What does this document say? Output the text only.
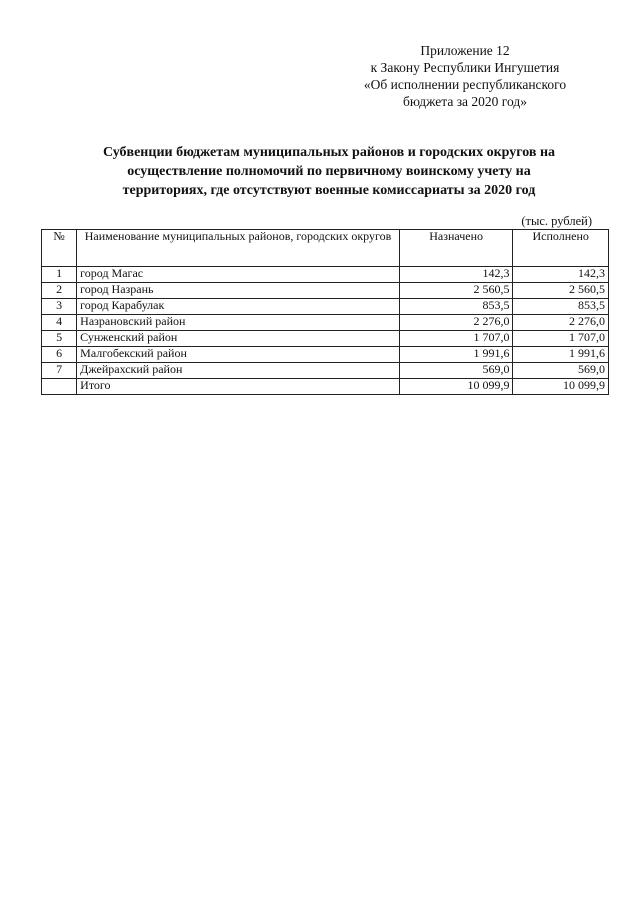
Приложение 12
к Закону Республики Ингушетия
«Об исполнении республиканского
бюджета за 2020 год»
Субвенции бюджетам муниципальных районов и городских округов на
осуществление полномочий по первичному воинскому учету на
территориях, где отсутствуют военные комиссариаты за 2020 год
(тыс. рублей)
№	Наименование муниципальных районов, городских округов	Назначено	Исполнено
1	город Магас	142,3	142,3
2	город Назрань	2 560,5	2 560,5
3	город Карабулак	853,5	853,5
4	Назрановский район	2 276,0	2 276,0
5	Сунженский район	1 707,0	1 707,0
6	Малгобекский район	1 991,6	1 991,6
7	Джейрахский район	569,0	569,0
	Итого	10 099,9	10 099,9
